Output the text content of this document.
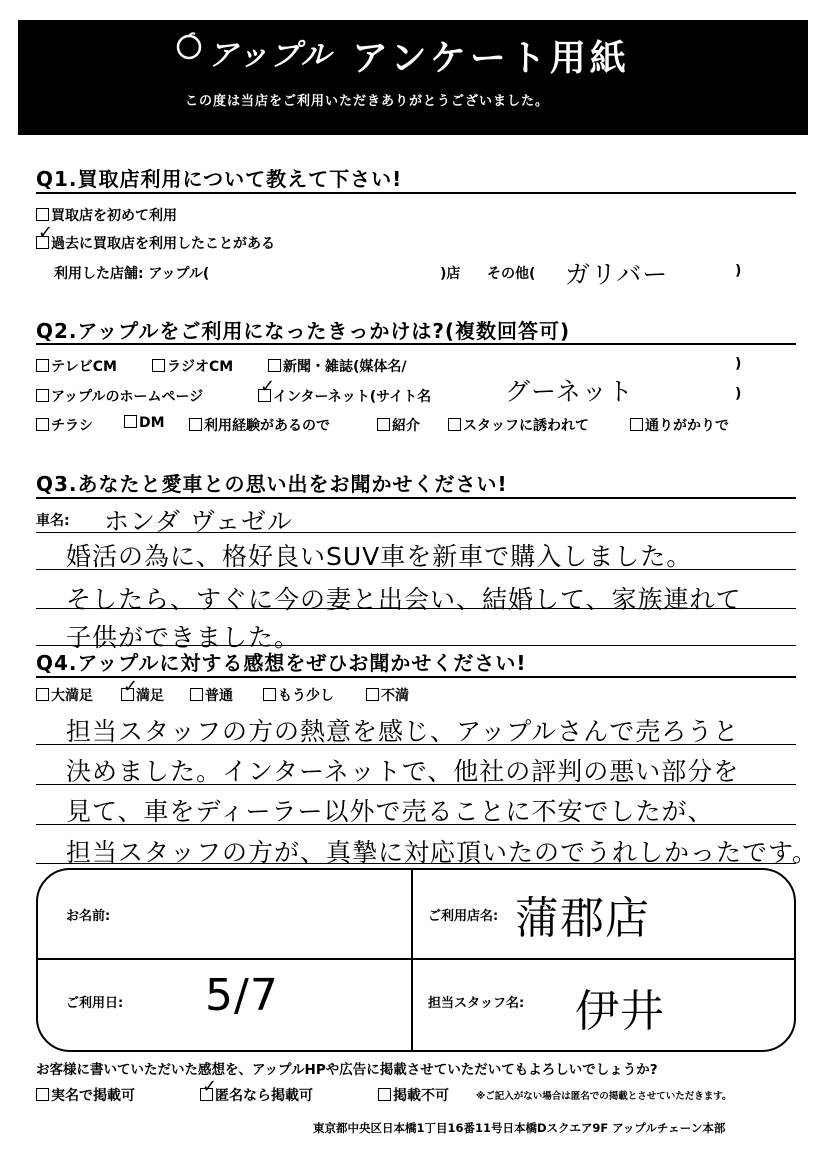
アップル アンケート用紙
この度は当店をご利用いただきありがとうございました。
Q1.買取店利用について教えて下さい!
買取店を初めて利用
過去に買取店を利用したことがある
✓
利用した店舗: アップル(	)店 その他( ガリバー	)
Q2.アップルをご利用になったきっかけは?(複数回答可)
テレビCM	ラジオCM	新聞・雑誌(媒体名/	)
アップルのホームページ	インターネット(サイト名
✓	グーネット	)
チラシ	DM	利用経験があるので	紹介	スタッフに誘われて	通りがかりで
Q3.あなたと愛車との思い出をお聞かせください!
車名: ホンダ ヴェゼル
婚活の為に、格好良いSUV車を新車で購入しました。
そしたら、すぐに今の妻と出会い、結婚して、家族連れて
子供ができました。
Q4.アップルに対する感想をぜひお聞かせください!
大満足	満足
✓	普通	もう少し	不満
担当スタッフの方の熱意を感じ、アップルさんで売ろうと
決めました。インターネットで、他社の評判の悪い部分を
見て、車をディーラー以外で売ることに不安でしたが、
担当スタッフの方が、真摯に対応頂いたのでうれしかったです。
お名前:	ご利用店名: 蒲郡店
ご利用日: 5/7	担当スタッフ名: 伊井
お客様に書いていただいた感想を、アップルHPや広告に掲載させていただいてもよろしいでしょうか?
実名で掲載可	匿名なら掲載可
✓	掲載不可	※ご記入がない場合は匿名での掲載とさせていただきます。
東京都中央区日本橋1丁目16番11号日本橋Dスクエア9F アップルチェーン本部
